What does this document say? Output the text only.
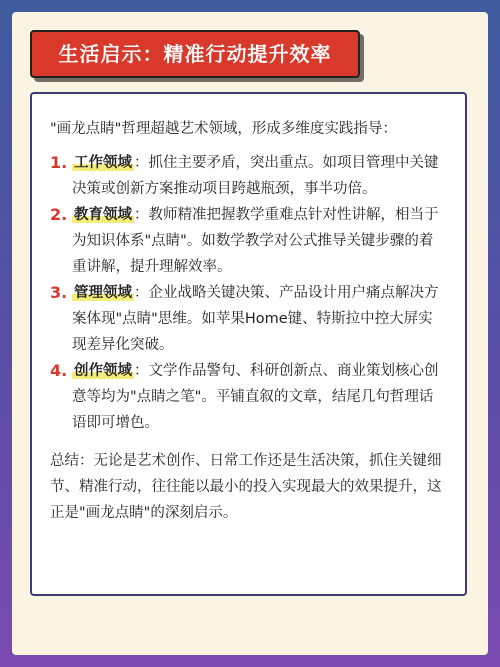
生活启示：精准行动提升效率

"画龙点睛"哲理超越艺术领域，形成多维度实践指导：

1. 工作领域 ：抓住主要矛盾，突出重点。如项目管理中关键决策或创新方案推动项目跨越瓶颈，事半功倍。

2. 教育领域 ：教师精准把握教学重难点针对性讲解，相当于为知识体系"点睛"。如数学教学对公式推导关键步骤的着重讲解，提升理解效率。

3. 管理领域 ：企业战略关键决策、产品设计用户痛点解决方案体现"点睛"思维。如苹果Home键、特斯拉中控大屏实现差异化突破。

4. 创作领域 ：文学作品警句、科研创新点、商业策划核心创意等均为"点睛之笔"。平铺直叙的文章，结尾几句哲理话语即可增色。

总结：无论是艺术创作、日常工作还是生活决策，抓住关键细节、精准行动，往往能以最小的投入实现最大的效果提升，这正是"画龙点睛"的深刻启示。
